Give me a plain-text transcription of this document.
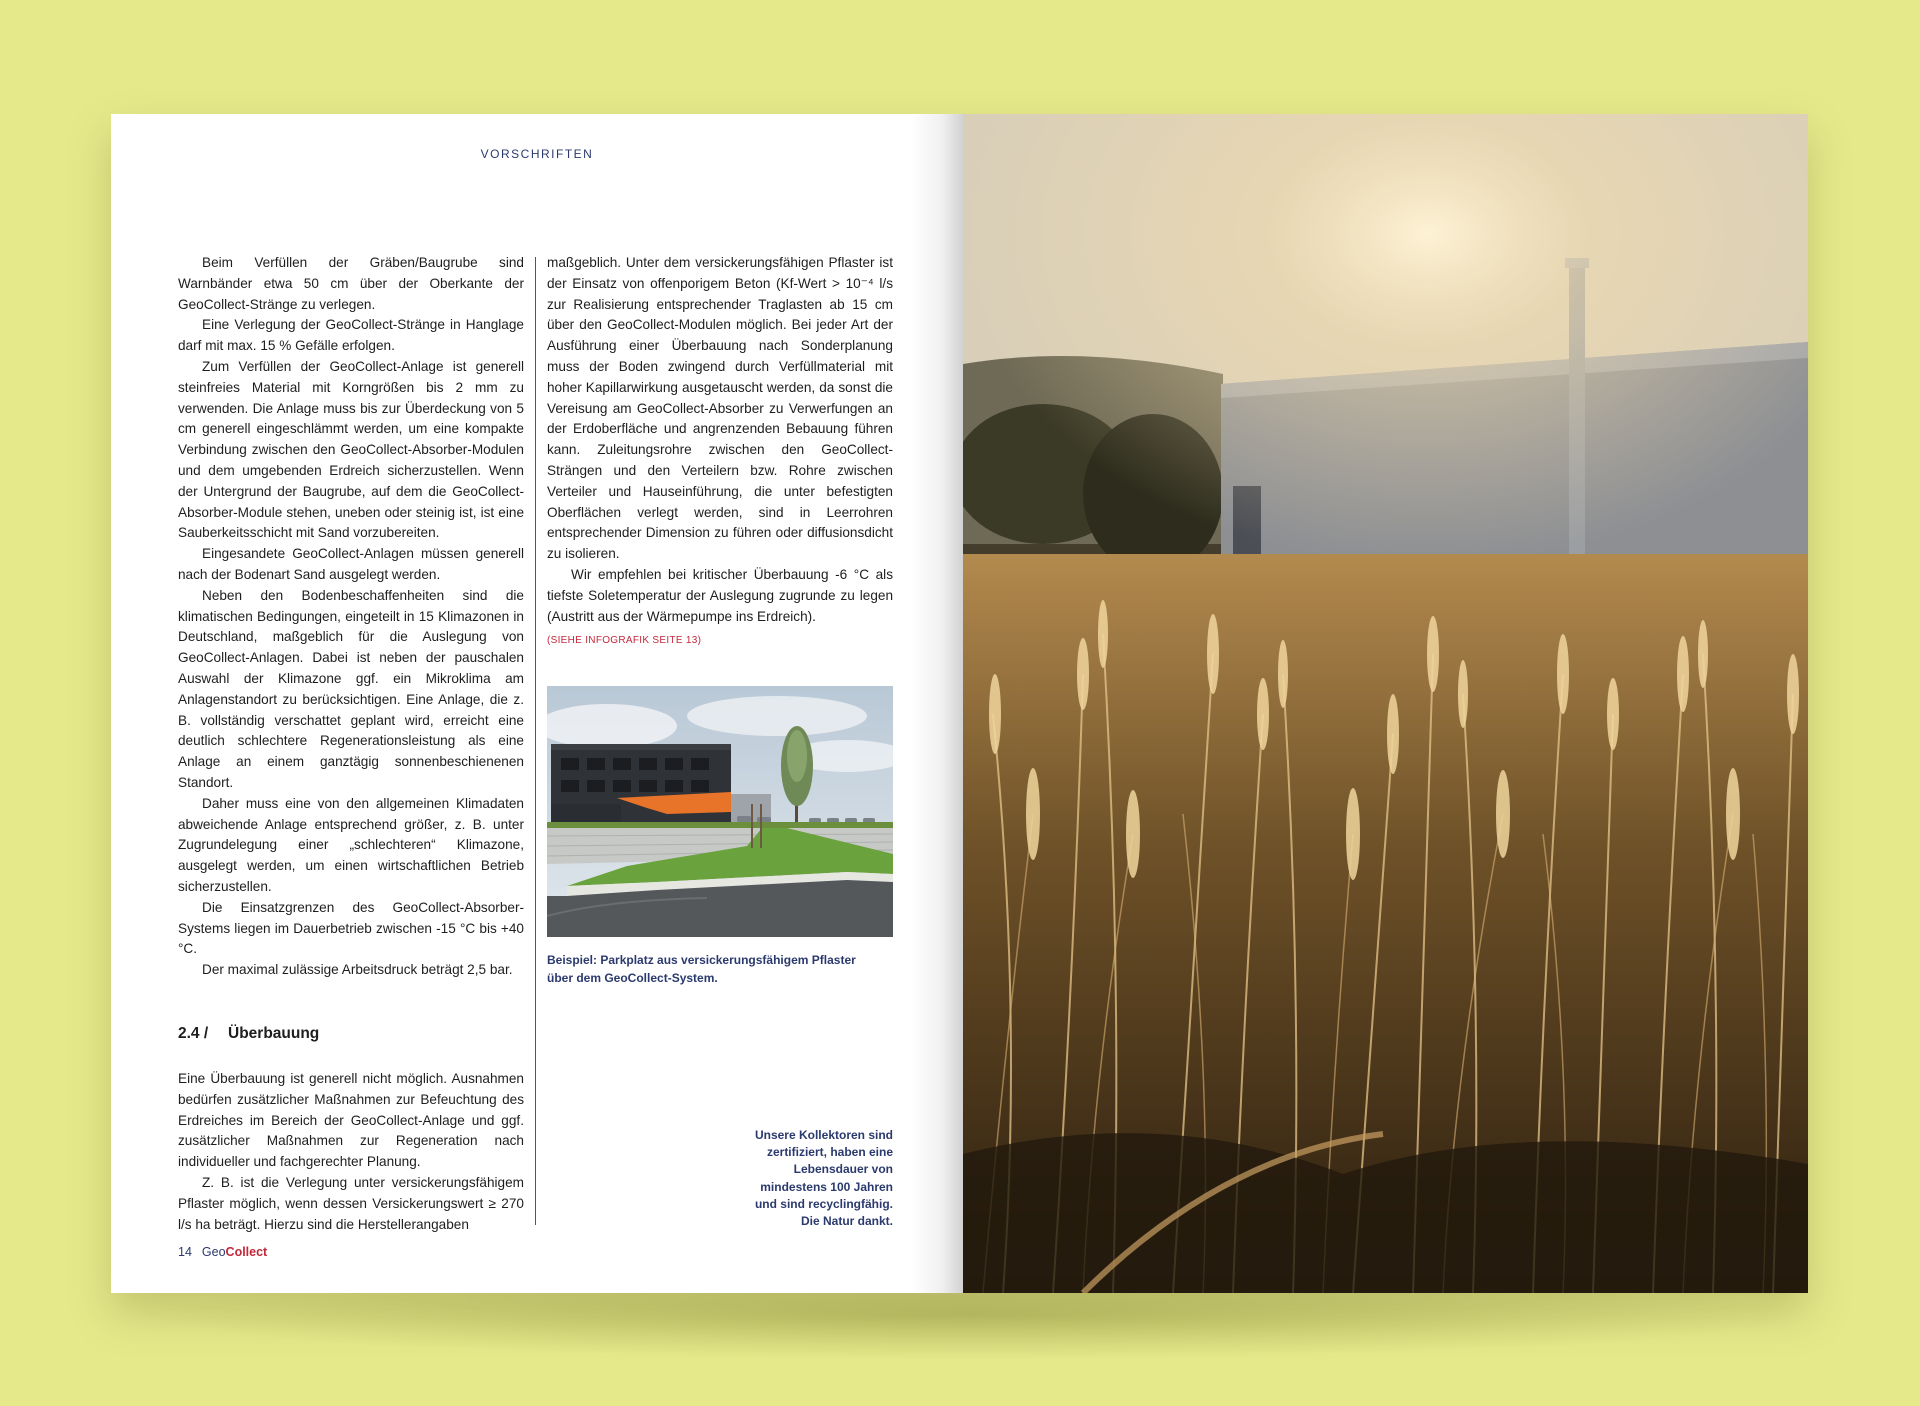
VORSCHRIFTEN

Beim Verfüllen der Gräben/Baugrube sind Warnbänder etwa 50 cm über der Oberkante der GeoCollect-Stränge zu verlegen.

Eine Verlegung der GeoCollect-Stränge in Hanglage darf mit max. 15 % Gefälle erfolgen.

Zum Verfüllen der GeoCollect-Anlage ist generell steinfreies Material mit Korngrößen bis 2 mm zu verwenden. Die Anlage muss bis zur Überdeckung von 5 cm generell eingeschlämmt werden, um eine kompakte Verbindung zwischen den GeoCollect-Absorber-Modulen und dem umgebenden Erdreich sicherzustellen. Wenn der Untergrund der Baugrube, auf dem die GeoCollect-Absorber-Module stehen, uneben oder steinig ist, ist eine Sauberkeitsschicht mit Sand vorzubereiten.

Eingesandete GeoCollect-Anlagen müssen generell nach der Bodenart Sand ausgelegt werden.

Neben den Bodenbeschaffenheiten sind die klimatischen Bedingungen, eingeteilt in 15 Klimazonen in Deutschland, maßgeblich für die Auslegung von GeoCollect-Anlagen. Dabei ist neben der pauschalen Auswahl der Klimazone ggf. ein Mikroklima am Anlagenstandort zu berücksichtigen. Eine Anlage, die z. B. vollständig verschattet geplant wird, erreicht eine deutlich schlechtere Regenerationsleistung als eine Anlage an einem ganztägig sonnenbeschienenen Standort.

Daher muss eine von den allgemeinen Klimadaten abweichende Anlage entsprechend größer, z. B. unter Zugrundelegung einer „schlechteren“ Klimazone, ausgelegt werden, um einen wirtschaftlichen Betrieb sicherzustellen.

Die Einsatzgrenzen des GeoCollect-Absorber-Systems liegen im Dauerbetrieb zwischen -15 °C bis +40 °C.

Der maximal zulässige Arbeitsdruck beträgt 2,5 bar.

2.4 / Überbauung

Eine Überbauung ist generell nicht möglich. Ausnahmen bedürfen zusätzlicher Maßnahmen zur Befeuchtung des Erdreiches im Bereich der GeoCollect-Anlage und ggf. zusätzlicher Maßnahmen zur Regeneration nach individueller und fachgerechter Planung.

Z. B. ist die Verlegung unter versickerungsfähigem Pflaster möglich, wenn dessen Versickerungswert ≥ 270 l/s ha beträgt. Hierzu sind die Herstellerangaben

maßgeblich. Unter dem versickerungsfähigen Pflaster ist der Einsatz von offenporigem Beton (Kf-Wert > 10⁻⁴ l/s zur Realisierung entsprechender Traglasten ab 15 cm über den GeoCollect-Modulen möglich. Bei jeder Art der Ausführung einer Überbauung nach Sonderplanung muss der Boden zwingend durch Verfüllmaterial mit hoher Kapillarwirkung ausgetauscht werden, da sonst die Vereisung am GeoCollect-Absorber zu Verwerfungen an der Erdoberfläche und angrenzenden Bebauung führen kann. Zuleitungsrohre zwischen den GeoCollect-Strängen und den Verteilern bzw. Rohre zwischen Verteiler und Hauseinführung, die unter befestigten Oberflächen verlegt werden, sind in Leerrohren entsprechender Dimension zu führen oder diffusionsdicht zu isolieren.

Wir empfehlen bei kritischer Überbauung -6 °C als tiefste Soletemperatur der Auslegung zugrunde zu legen (Austritt aus der Wärmepumpe ins Erdreich).

(SIEHE INFOGRAFIK SEITE 13)
Beispiel: Parkplatz aus versickerungsfähigem Pflaster
über dem GeoCollect-System.
Unsere Kollektoren sind
zertifiziert, haben eine
Lebensdauer von
mindestens 100 Jahren
und sind recyclingfähig.
Die Natur dankt.
14 GeoCollect
